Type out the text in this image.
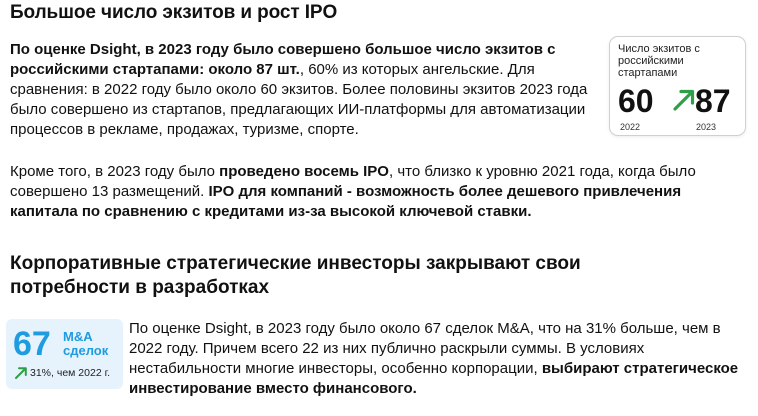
Большое число экзитов и рост IPO
По оценке Dsight, в 2023 году было совершено большое число экзитов с российскими стартапами: около 87 шт., 60% из которых ангельские. Для сравнения: в 2022 году было около 60 экзитов. Более половины экзитов 2023 года было совершено из стартапов, предлагающих ИИ-платформы для автоматизации процессов в рекламе, продажах, туризме, спорте.
Число экзитов с российскими стартапами
60 87
2022	2023
Кроме того, в 2023 году было проведено восемь IPO, что близко к уровню 2021 года, когда было совершено 13 размещений. IPO для компаний - возможность более дешевого привлечения капитала по сравнению с кредитами из-за высокой ключевой ставки.
Корпоративные стратегические инвесторы закрывают свои потребности в разработках
67 M&A сделок
31%, чем 2022 г.
По оценке Dsight, в 2023 году было около 67 сделок M&A, что на 31% больше, чем в 2022 году. Причем всего 22 из них публично раскрыли суммы. В условиях нестабильности многие инвесторы, особенно корпорации, выбирают стратегическое инвестирование вместо финансового.
